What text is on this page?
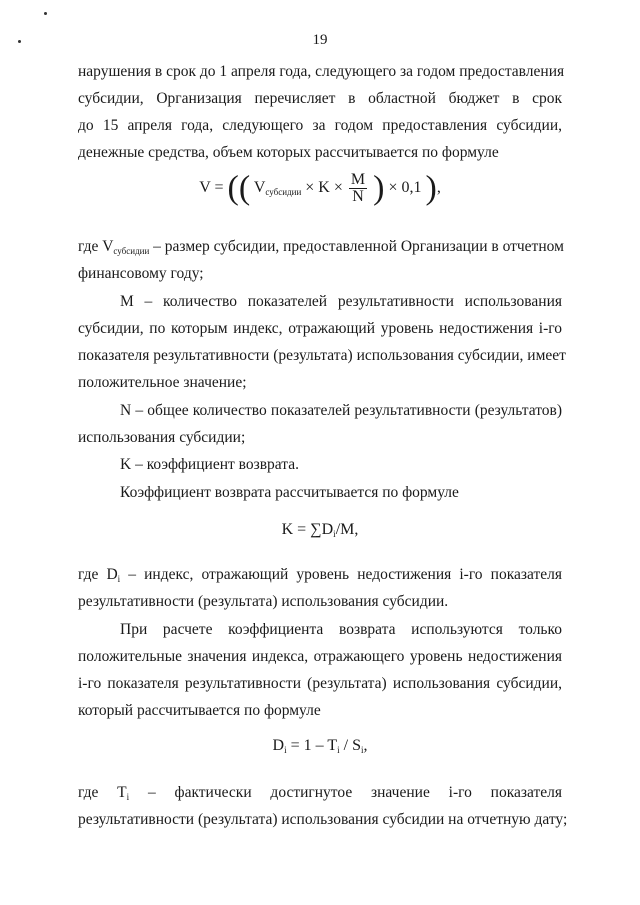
19
нарушения в срок до 1 апреля года, следующего за годом предоставления
субсидии, Организация перечисляет в областной бюджет в срок
до 15 апреля года, следующего за годом предоставления субсидии,
денежные средства, объем которых рассчитывается по формуле
V = (( $V_{субсидии} \times K \times \frac{M}{N}$ ) × 0,1 ),
где $V_{субсидии}$ – размер субсидии, предоставленной Организации в отчетном
финансовому году;
M – количество показателей результативности использования
субсидии, по которым индекс, отражающий уровень недостижения i-го
показателя результативности (результата) использования субсидии, имеет
положительное значение;
N – общее количество показателей результативности (результатов)
использования субсидии;
K – коэффициент возврата.
Коэффициент возврата рассчитывается по формуле
$K = \sum D_i/M$,
где $D_i$ – индекс, отражающий уровень недостижения i-го показателя
результативности (результата) использования субсидии.
При расчете коэффициента возврата используются только
положительные значения индекса, отражающего уровень недостижения
i-го показателя результативности (результата) использования субсидии,
который рассчитывается по формуле
$D_i = 1 - T_i / S_i$,
где $T_i$ – фактически достигнутое значение i-го показателя
результативности (результата) использования субсидии на отчетную дату;
